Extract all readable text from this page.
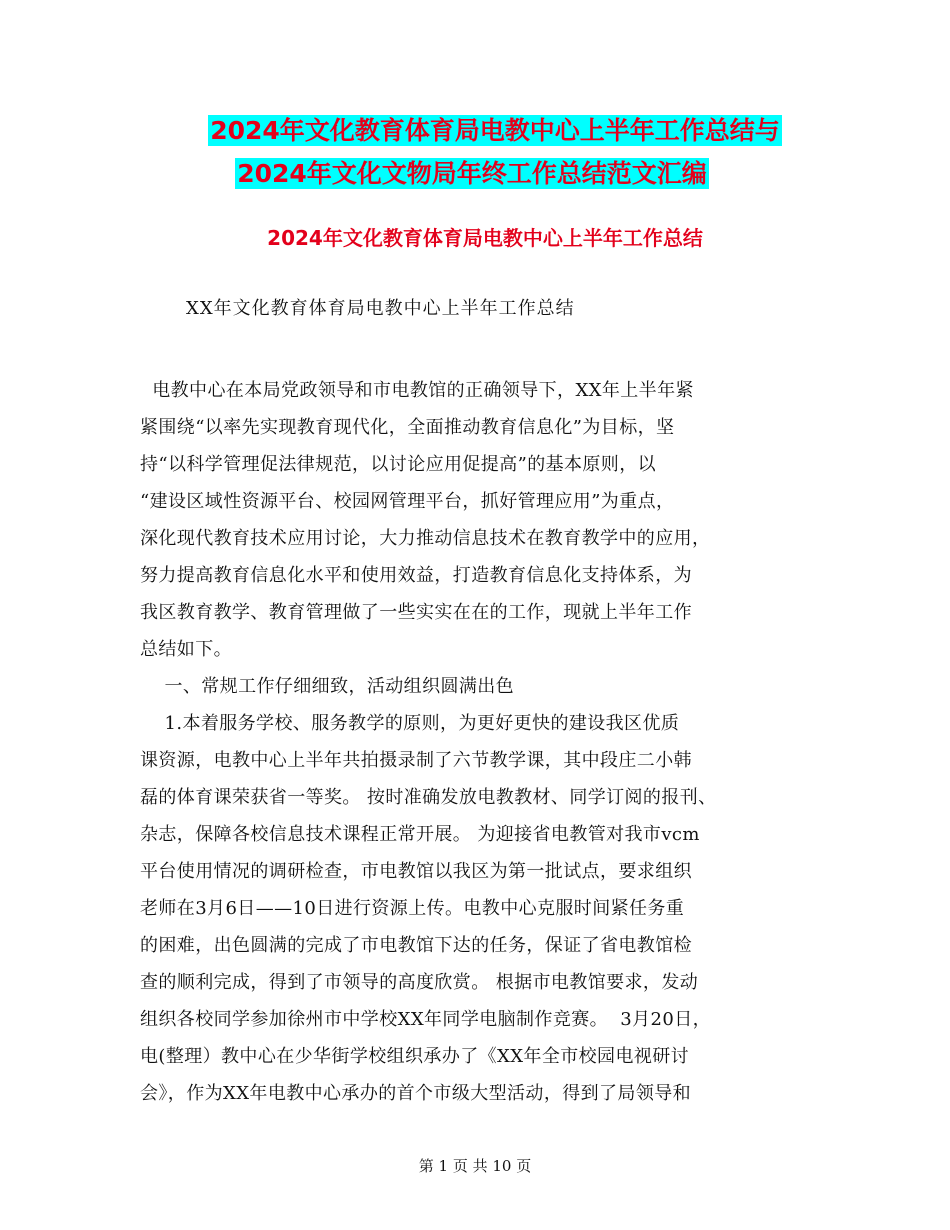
2024年文化教育体育局电教中心上半年工作总结与
2024年文化文物局年终工作总结范文汇编
2024年文化教育体育局电教中心上半年工作总结
XX年文化教育体育局电教中心上半年工作总结
电教中心在本局党政领导和市电教馆的正确领导下，XX年上半年紧
紧围绕“以率先实现教育现代化，全面推动教育信息化”为目标，坚
持“以科学管理促法律规范，以讨论应用促提高”的基本原则，以
“建设区域性资源平台、校园网管理平台，抓好管理应用”为重点，
深化现代教育技术应用讨论，大力推动信息技术在教育教学中的应用，
努力提高教育信息化水平和使用效益，打造教育信息化支持体系，为
我区教育教学、教育管理做了一些实实在在的工作，现就上半年工作
总结如下。
一、常规工作仔细细致，活动组织圆满出色
1.本着服务学校、服务教学的原则，为更好更快的建设我区优质
课资源，电教中心上半年共拍摄录制了六节教学课，其中段庄二小韩
磊的体育课荣获省一等奖。 按时准确发放电教教材、同学订阅的报刊、
杂志，保障各校信息技术课程正常开展。 为迎接省电教管对我市vcm
平台使用情况的调研检查，市电教馆以我区为第一批试点，要求组织
老师在3月6日——10日进行资源上传。电教中心克服时间紧任务重
的困难，出色圆满的完成了市电教馆下达的任务，保证了省电教馆检
查的顺利完成，得到了市领导的高度欣赏。 根据市电教馆要求，发动
组织各校同学参加徐州市中学校XX年同学电脑制作竞赛。  3月20日，
电(整理）教中心在少华街学校组织承办了《XX年全市校园电视研讨
会》，作为XX年电教中心承办的首个市级大型活动，得到了局领导和
第 1 页 共 10 页
